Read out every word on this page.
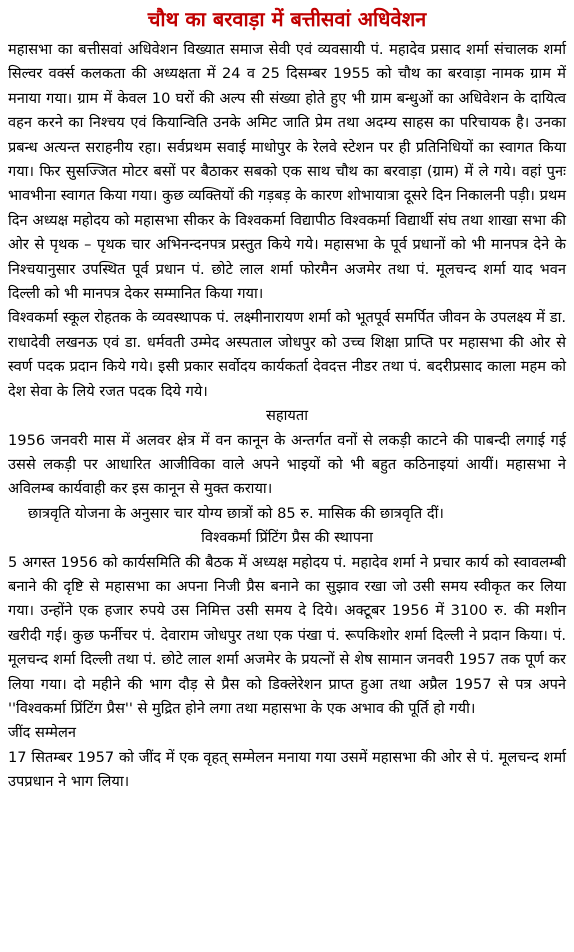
चौथ का बरवाड़ा में बत्तीसवां अधिवेशन

महासभा का बत्तीसवां अधिवेशन विख्यात समाज सेवी एवं व्यवसायी पं. महादेव प्रसाद शर्मा संचालक शर्मा सिल्वर वर्क्स कलकता की अध्यक्षता में 24 व 25 दिसम्बर 1955 को चौथ का बरवाड़ा नामक ग्राम में मनाया गया। ग्राम में केवल 10 घरों की अल्प सी संख्या होते हुए भी ग्राम बन्धुओं का अधिवेशन के दायित्व वहन करने का निश्चय एवं कियान्विति उनके अमिट जाति प्रेम तथा अदम्य साहस का परिचायक है। उनका प्रबन्ध अत्यन्त सराहनीय रहा। सर्वप्रथम सवाई माधोपुर के रेलवे स्टेशन पर ही प्रतिनिधियों का स्वागत किया गया। फिर सुसज्जित मोटर बसों पर बैठाकर सबको एक साथ चौथ का बरवाड़ा (ग्राम) में ले गये। वहां पुनः भावभीना स्वागत किया गया। कुछ व्यक्तियों की गड़बड़ के कारण शोभायात्रा दूसरे दिन निकालनी पड़ी। प्रथम दिन अध्यक्ष महोदय को महासभा सीकर के विश्वकर्मा विद्यापीठ विश्वकर्मा विद्यार्थी संघ तथा शाखा सभा की ओर से पृथक – पृथक चार अभिनन्दनपत्र प्रस्तुत किये गये। महासभा के पूर्व प्रधानों को भी मानपत्र देने के निश्चयानुसार उपस्थित पूर्व प्रधान पं. छोटे लाल शर्मा फोरमैन अजमेर तथा पं. मूलचन्द शर्मा याद भवन दिल्ली को भी मानपत्र देकर सम्मानित किया गया।

विश्वकर्मा स्कूल रोहतक के व्यवस्थापक पं. लक्ष्मीनारायण शर्मा को भूतपूर्व समर्पित जीवन के उपलक्ष्य में डा. राधादेवी लखनऊ एवं डा. धर्मवती उम्मेद अस्पताल जोधपुर को उच्च शिक्षा प्राप्ति पर महासभा की ओर से स्वर्ण पदक प्रदान किये गये। इसी प्रकार सर्वोदय कार्यकर्ता देवदत्त नीडर तथा पं. बदरीप्रसाद काला महम को देश सेवा के लिये रजत पदक दिये गये।

सहायता

1956 जनवरी मास में अलवर क्षेत्र में वन कानून के अन्तर्गत वनों से लकड़ी काटने की पाबन्दी लगाई गई उससे लकड़ी पर आधारित आजीविका वाले अपने भाइयों को भी बहुत कठिनाइयां आयीं। महासभा ने अविलम्ब कार्यवाही कर इस कानून से मुक्त कराया।

छात्रवृति योजना के अनुसार चार योग्य छात्रों को 85 रु. मासिक की छात्रवृति दीं।

विश्वकर्मा प्रिंटिंग प्रैस की स्थापना

5 अगस्त 1956 को कार्यसमिति की बैठक में अध्यक्ष महोदय पं. महादेव शर्मा ने प्रचार कार्य को स्वावलम्बी बनाने की दृष्टि से महासभा का अपना निजी प्रैस बनाने का सुझाव रखा जो उसी समय स्वीकृत कर लिया गया। उन्होंने एक हजार रुपये उस निमित्त उसी समय दे दिये। अक्टूबर 1956 में 3100 रु. की मशीन खरीदी गई। कुछ फर्नीचर पं. देवाराम जोधपुर तथा एक पंखा पं. रूपकिशोर शर्मा दिल्ली ने प्रदान किया। पं. मूलचन्द शर्मा दिल्ली तथा पं. छोटे लाल शर्मा अजमेर के प्रयत्नों से शेष सामान जनवरी 1957 तक पूर्ण कर लिया गया। दो महीने की भाग दौड़ से प्रैस को डिक्लेरेशन प्राप्त हुआ तथा अप्रैल 1957 से पत्र अपने ''विश्वकर्मा प्रिंटिंग प्रैस'' से मुद्रित होने लगा तथा महासभा के एक अभाव की पूर्ति हो गयी।

जींद सम्मेलन

17 सितम्बर 1957 को जींद में एक वृहत् सम्मेलन मनाया गया उसमें महासभा की ओर से पं. मूलचन्द शर्मा उपप्रधान ने भाग लिया।
